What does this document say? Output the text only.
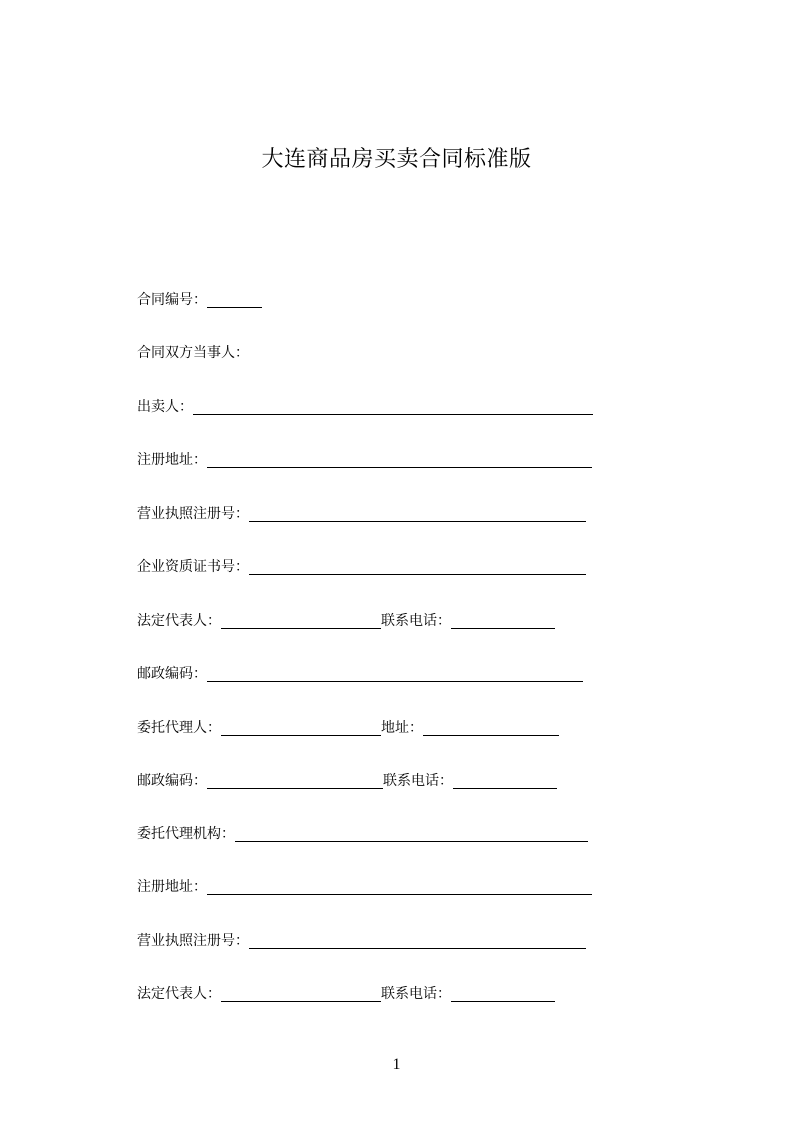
大连商品房买卖合同标准版
合同编号：
合同双方当事人：
出卖人：
注册地址：
营业执照注册号：
企业资质证书号：
法定代表人：	联系电话：
邮政编码：
委托代理人：	地址：
邮政编码：	联系电话：
委托代理机构：
注册地址：
营业执照注册号：
法定代表人：	联系电话：
1
